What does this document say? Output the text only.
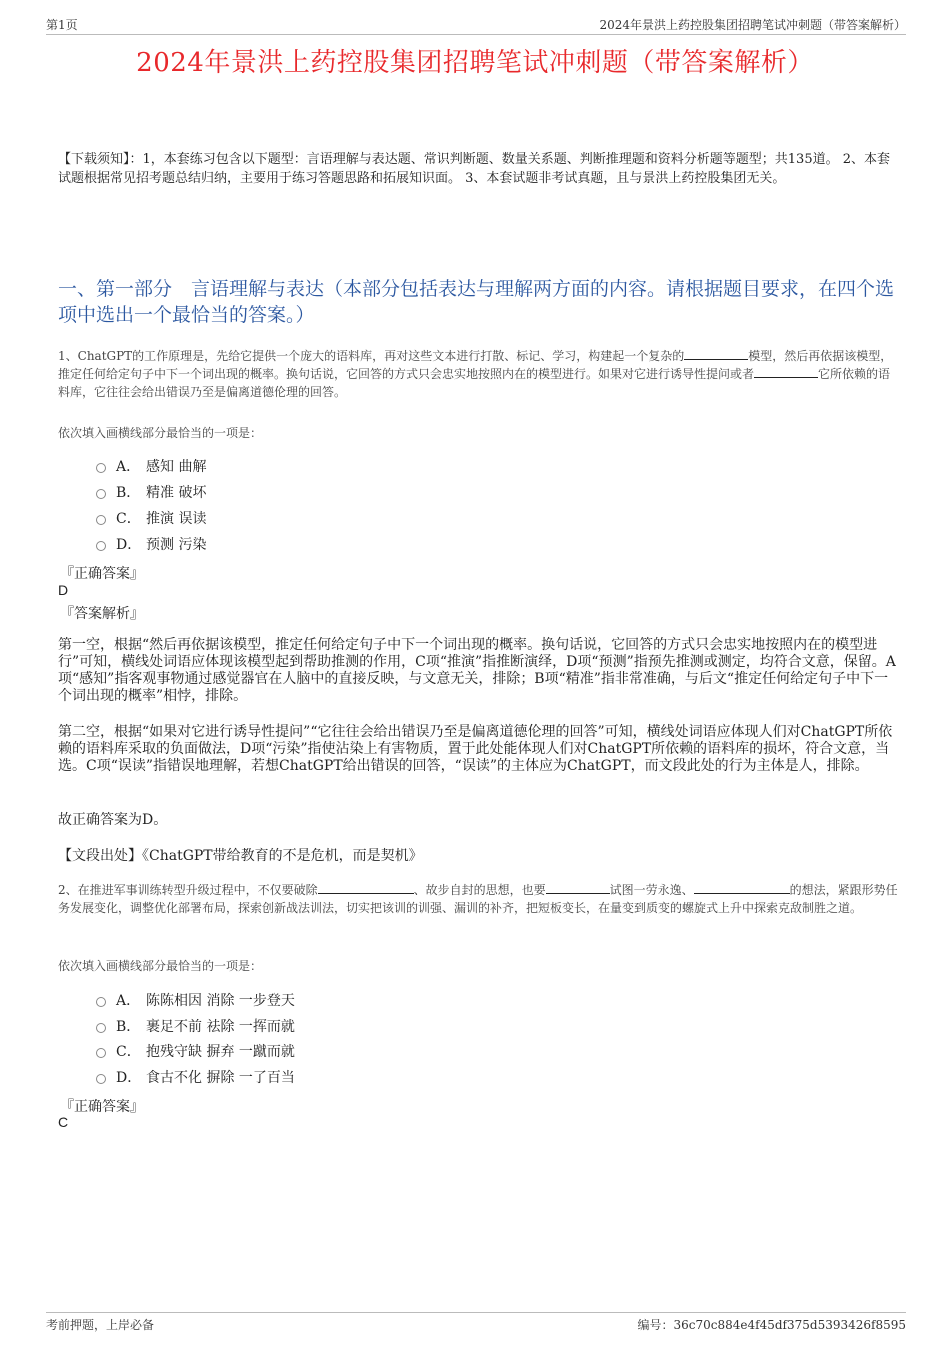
第1页	2024年景洪上药控股集团招聘笔试冲刺题（带答案解析）
2024年景洪上药控股集团招聘笔试冲刺题（带答案解析）
【下载须知】：1，本套练习包含以下题型：言语理解与表达题、常识判断题、数量关系题、判断推理题和资料分析题等题型；共135道。 2、本套试题根据常见招考题总结归纳，主要用于练习答题思路和拓展知识面。 3、本套试题非考试真题，且与景洪上药控股集团无关。
一、第一部分　言语理解与表达（本部分包括表达与理解两方面的内容。请根据题目要求，在四个选项中选出一个最恰当的答案。）
1、ChatGPT的工作原理是，先给它提供一个庞大的语料库，再对这些文本进行打散、标记、学习，构建起一个复杂的	模型，然后再依据该模型，推定任何给定句子中下一个词出现的概率。换句话说，它回答的方式只会忠实地按照内在的模型进行。如果对它进行诱导性提问或者	它所依赖的语料库，它往往会给出错误乃至是偏离道德伦理的回答。
依次填入画横线部分最恰当的一项是：
A． 感知 曲解
B． 精准 破坏
C． 推演 误读
D． 预测 污染
『正确答案』
D
『答案解析』
第一空，根据“然后再依据该模型，推定任何给定句子中下一个词出现的概率。换句话说，它回答的方式只会忠实地按照内在的模型进行”可知，横线处词语应体现该模型起到帮助推测的作用，C项“推演”指推断演绎，D项“预测”指预先推测或测定，均符合文意，保留。A项“感知”指客观事物通过感觉器官在人脑中的直接反映，与文意无关，排除；B项“精准”指非常准确，与后文“推定任何给定句子中下一个词出现的概率”相悖，排除。
第二空，根据“如果对它进行诱导性提问”“它往往会给出错误乃至是偏离道德伦理的回答”可知，横线处词语应体现人们对ChatGPT所依赖的语料库采取的负面做法，D项“污染”指使沾染上有害物质，置于此处能体现人们对ChatGPT所依赖的语料库的损坏，符合文意，当选。C项“误读”指错误地理解，若想ChatGPT给出错误的回答，“误读”的主体应为ChatGPT，而文段此处的行为主体是人，排除。
故正确答案为D。
【文段出处】《ChatGPT带给教育的不是危机，而是契机》
2、在推进军事训练转型升级过程中，不仅要破除	、故步自封的思想，也要	试图一劳永逸、	的想法，紧跟形势任务发展变化，调整优化部署布局，探索创新战法训法，切实把该训的训强、漏训的补齐，把短板变长，在量变到质变的螺旋式上升中探索克敌制胜之道。
依次填入画横线部分最恰当的一项是：
A． 陈陈相因 消除 一步登天
B． 裹足不前 祛除 一挥而就
C． 抱残守缺 摒弃 一蹴而就
D． 食古不化 摒除 一了百当
『正确答案』
C
考前押题，上岸必备	编号：36c70c884e4f45df375d5393426f8595
